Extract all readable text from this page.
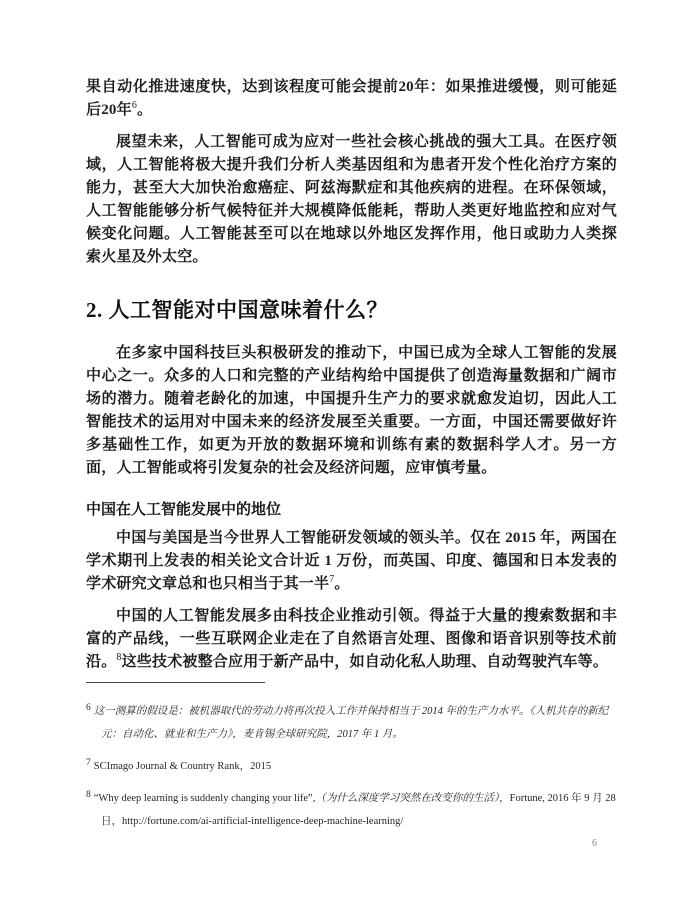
果自动化推进速度快，达到该程度可能会提前20年：如果推进缓慢，则可能延后20年$^6$。

展望未来，人工智能可成为应对一些社会核心挑战的强大工具。在医疗领域，人工智能将极大提升我们分析人类基因组和为患者开发个性化治疗方案的能力，甚至大大加快治愈癌症、阿兹海默症和其他疾病的进程。在环保领域，人工智能能够分析气候特征并大规模降低能耗，帮助人类更好地监控和应对气候变化问题。人工智能甚至可以在地球以外地区发挥作用，他日或助力人类探索火星及外太空。

2. 人工智能对中国意味着什么？

在多家中国科技巨头积极研发的推动下，中国已成为全球人工智能的发展中心之一。众多的人口和完整的产业结构给中国提供了创造海量数据和广阔市场的潜力。随着老龄化的加速，中国提升生产力的要求就愈发迫切，因此人工智能技术的运用对中国未来的经济发展至关重要。一方面，中国还需要做好许多基础性工作，如更为开放的数据环境和训练有素的数据科学人才。另一方面，人工智能或将引发复杂的社会及经济问题，应审慎考量。

中国在人工智能发展中的地位

中国与美国是当今世界人工智能研发领域的领头羊。仅在 2015 年，两国在学术期刊上发表的相关论文合计近 1 万份，而英国、印度、德国和日本发表的学术研究文章总和也只相当于其一半$^7$。

中国的人工智能发展多由科技企业推动引领。得益于大量的搜索数据和丰富的产品线，一些互联网企业走在了自然语言处理、图像和语音识别等技术前沿。$^8$这些技术被整合应用于新产品中，如自动化私人助理、自动驾驶汽车等。

$^6$ 这一测算的假设是：被机器取代的劳动力将再次投入工作并保持相当于 2014 年的生产力水平。《人机共存的新纪元：自动化、就业和生产力》，麦肯锡全球研究院，2017 年 1 月。

$^7$ SCImago Journal & Country Rank，2015

$^8$ “Why deep learning is suddenly changing your life”,（为什么深度学习突然在改变你的生活），Fortune, 2016 年 9 月 28 日，http://fortune.com/ai-artificial-intelligence-deep-machine-learning/

6
